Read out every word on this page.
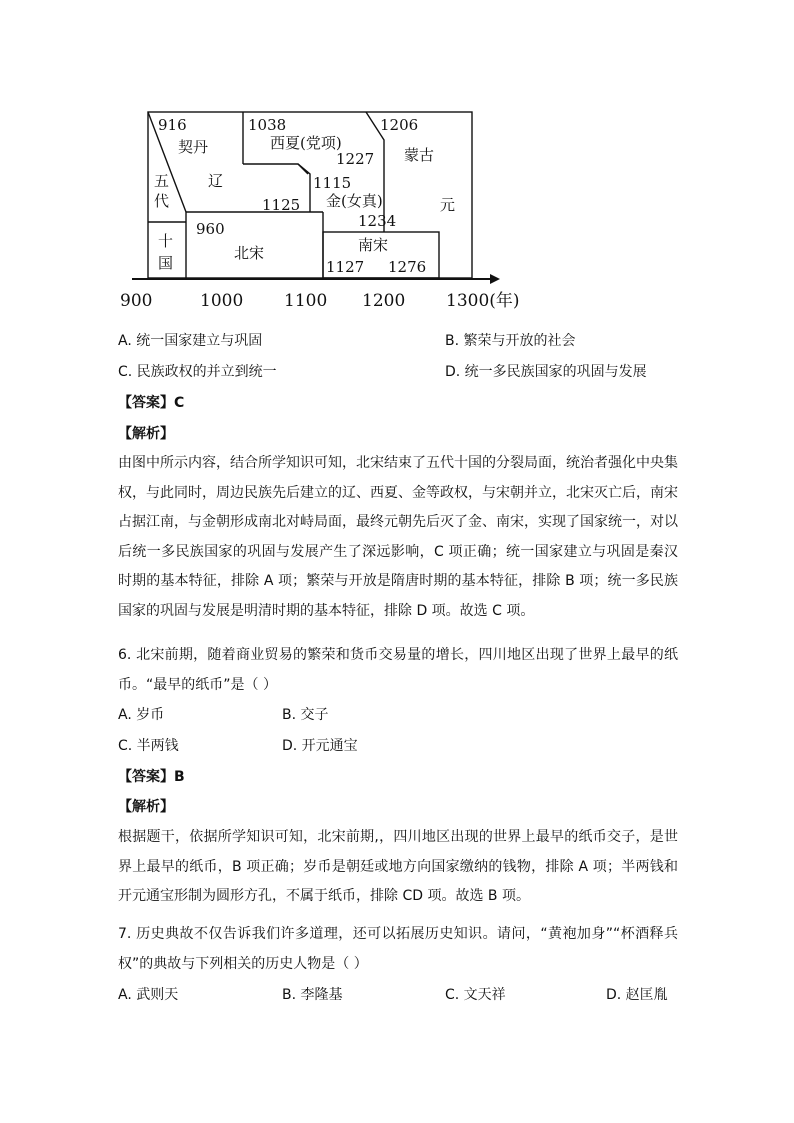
916
契丹
辽
五
代
十
国
1038
西夏(党项)
1227
1206
蒙古
元
1115
金(女真)
1234
1125
960
北宋	南宋
1127 1276
900	1000 1100 1200 1300(年)
A. 统一国家建立与巩固	B. 繁荣与开放的社会
C. 民族政权的并立到统一	D. 统一多民族国家的巩固与发展
【答案】C
【解析】
由图中所示内容，结合所学知识可知，北宋结束了五代十国的分裂局面，统治者强化中央集权，与此同时，周边民族先后建立的辽、西夏、金等政权，与宋朝并立，北宋灭亡后，南宋占据江南，与金朝形成南北对峙局面，最终元朝先后灭了金、南宋，实现了国家统一，对以后统一多民族国家的巩固与发展产生了深远影响，C 项正确；统一国家建立与巩固是秦汉时期的基本特征，排除 A 项；繁荣与开放是隋唐时期的基本特征，排除 B 项；统一多民族国家的巩固与发展是明清时期的基本特征，排除 D 项。故选 C 项。
6. 北宋前期，随着商业贸易的繁荣和货币交易量的增长，四川地区出现了世界上最早的纸币。“最早的纸币”是（ ）
A. 岁币	B. 交子
C. 半两钱	D. 开元通宝
【答案】B
【解析】
根据题干，依据所学知识可知，北宋前期,，四川地区出现的世界上最早的纸币交子，是世界上最早的纸币，B 项正确；岁币是朝廷或地方向国家缴纳的钱物，排除 A 项；半两钱和开元通宝形制为圆形方孔，不属于纸币，排除 CD 项。故选 B 项。
7. 历史典故不仅告诉我们许多道理，还可以拓展历史知识。请问，“黄袍加身”“杯酒释兵权”的典故与下列相关的历史人物是（ ）
A. 武则天	B. 李隆基	C. 文天祥	D. 赵匡胤
